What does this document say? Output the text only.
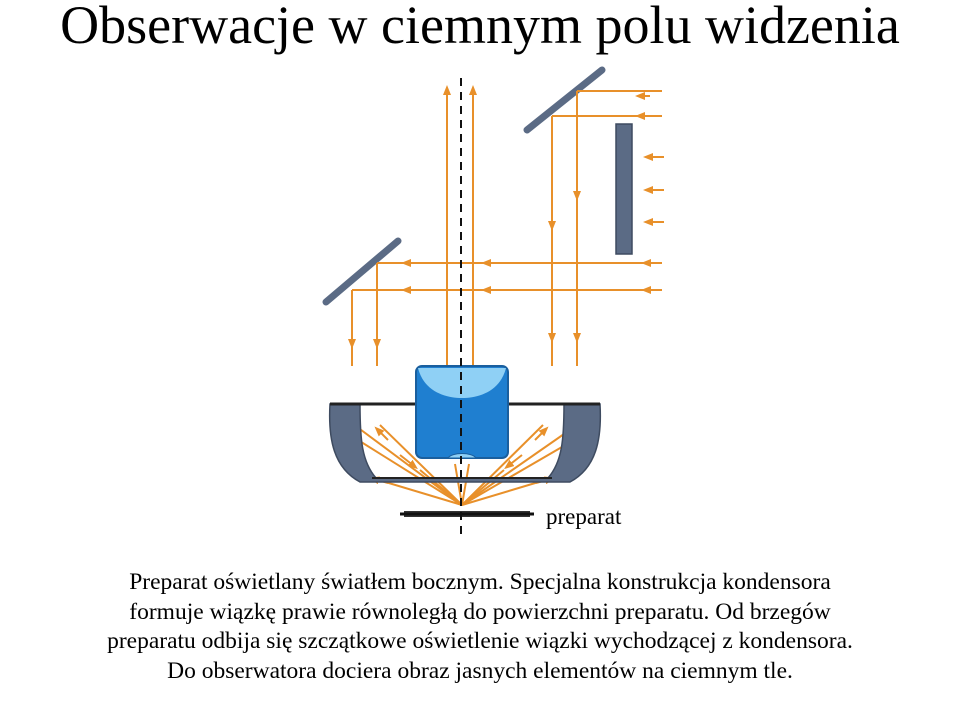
Obserwacje w ciemnym polu widzenia
preparat
Preparat oświetlany światłem bocznym. Specjalna konstrukcja kondensora
formuje wiązkę prawie równoległą do powierzchni preparatu. Od brzegów
preparatu odbija się szczątkowe oświetlenie wiązki wychodzącej z kondensora.
Do obserwatora dociera obraz jasnych elementów na ciemnym tle.
